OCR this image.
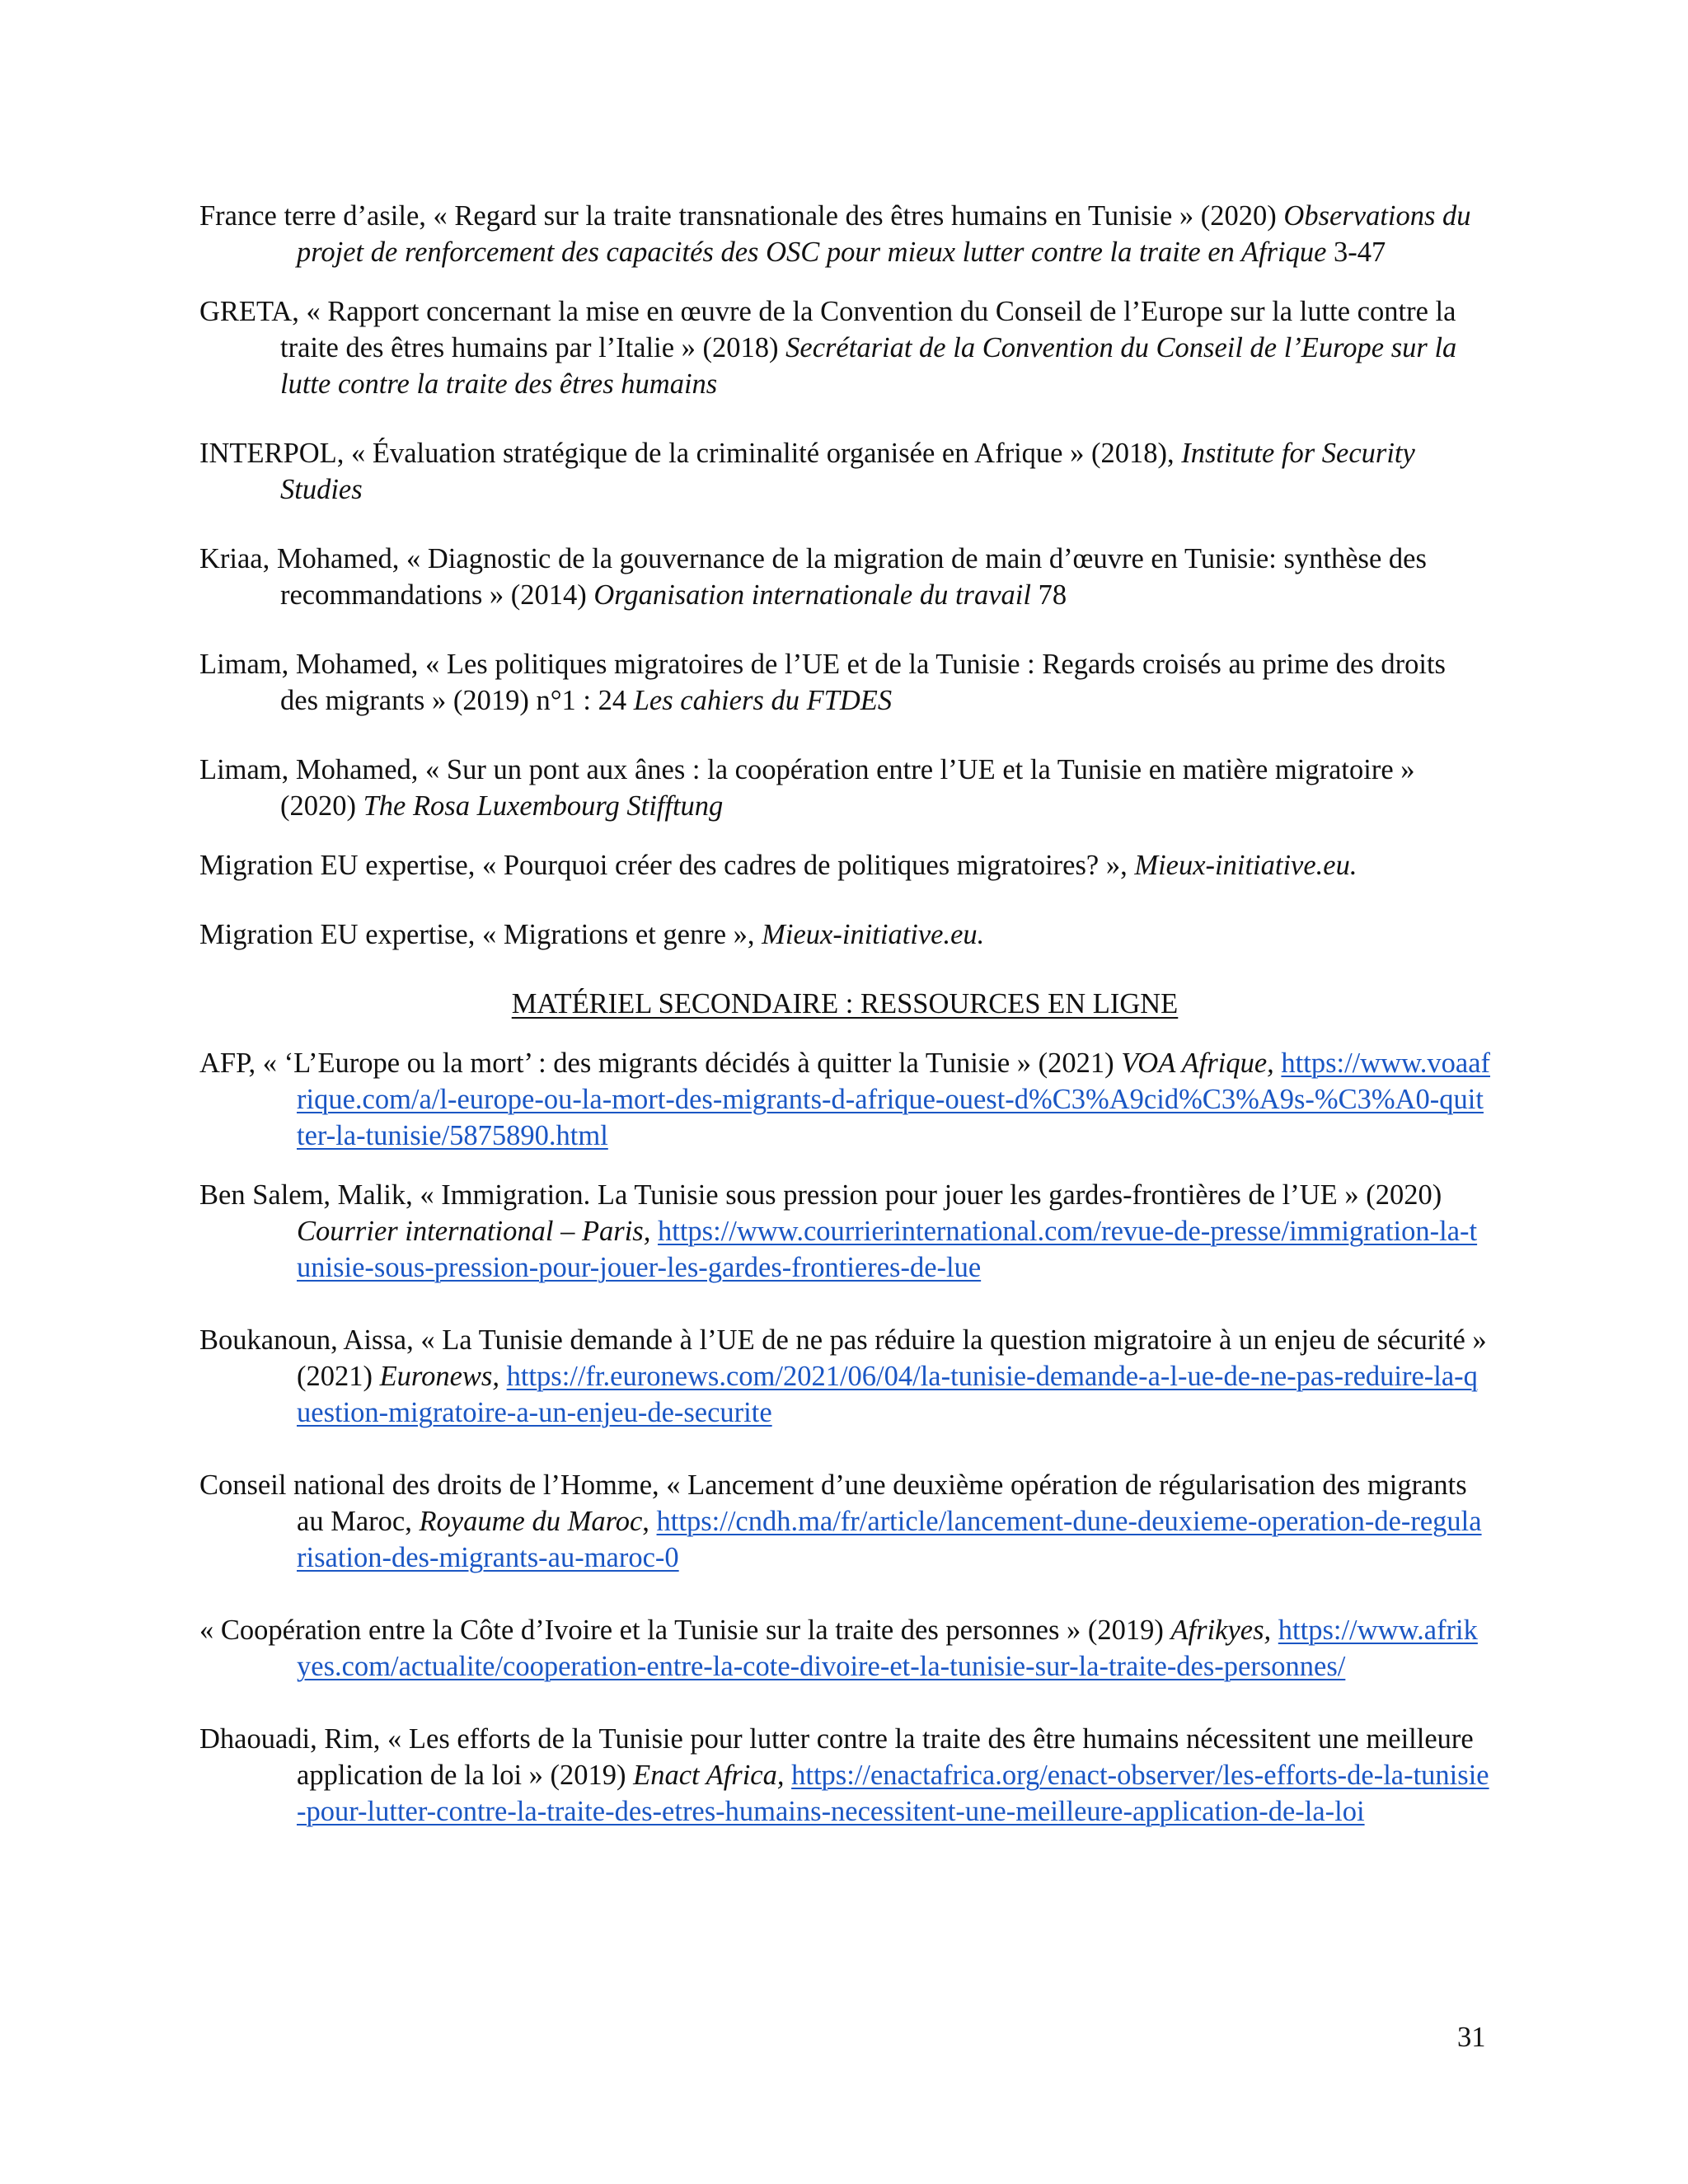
France terre d’asile, « Regard sur la traite transnationale des êtres humains en Tunisie » (2020) Observations du projet de renforcement des capacités des OSC pour mieux lutter contre la traite en Afrique 3-47

GRETA, « Rapport concernant la mise en œuvre de la Convention du Conseil de l’Europe sur la lutte contre la traite des êtres humains par l’Italie » (2018) Secrétariat de la Convention du Conseil de l’Europe sur la lutte contre la traite des êtres humains

INTERPOL, « Évaluation stratégique de la criminalité organisée en Afrique » (2018), Institute for Security Studies

Kriaa, Mohamed, « Diagnostic de la gouvernance de la migration de main d’œuvre en Tunisie: synthèse des recommandations » (2014) Organisation internationale du travail 78

Limam, Mohamed, « Les politiques migratoires de l’UE et de la Tunisie : Regards croisés au prime des droits des migrants » (2019) n°1 : 24 Les cahiers du FTDES

Limam, Mohamed, « Sur un pont aux ânes : la coopération entre l’UE et la Tunisie en matière migratoire » (2020) The Rosa Luxembourg Stifftung

Migration EU expertise, « Pourquoi créer des cadres de politiques migratoires? », Mieux-initiative.eu.

Migration EU expertise, « Migrations et genre », Mieux-initiative.eu.

MATÉRIEL SECONDAIRE : RESSOURCES EN LIGNE

AFP, « ‘L’Europe ou la mort’ : des migrants décidés à quitter la Tunisie » (2021) VOA Afrique, https://www.voaafrique.com/a/l-europe-ou-la-mort-des-migrants-d-afrique-ouest-d%C3%A9cid%C3%A9s-%C3%A0-quitter-la-tunisie/5875890.html

Ben Salem, Malik, « Immigration. La Tunisie sous pression pour jouer les gardes-frontières de l’UE » (2020) Courrier international – Paris, https://www.courrierinternational.com/revue-de-presse/immigration-la-tunisie-sous-pression-pour-jouer-les-gardes-frontieres-de-lue

Boukanoun, Aissa, « La Tunisie demande à l’UE de ne pas réduire la question migratoire à un enjeu de sécurité » (2021) Euronews, https://fr.euronews.com/2021/06/04/la-tunisie-demande-a-l-ue-de-ne-pas-reduire-la-question-migratoire-a-un-enjeu-de-securite

Conseil national des droits de l’Homme, « Lancement d’une deuxième opération de régularisation des migrants au Maroc, Royaume du Maroc, https://cndh.ma/fr/article/lancement-dune-deuxieme-operation-de-regularisation-des-migrants-au-maroc-0

« Coopération entre la Côte d’Ivoire et la Tunisie sur la traite des personnes » (2019) Afrikyes, https://www.afrikyes.com/actualite/cooperation-entre-la-cote-divoire-et-la-tunisie-sur-la-traite-des-personnes/

Dhaouadi, Rim, « Les efforts de la Tunisie pour lutter contre la traite des être humains nécessitent une meilleure application de la loi » (2019) Enact Africa, https://enactafrica.org/enact-observer/les-efforts-de-la-tunisie-pour-lutter-contre-la-traite-des-etres-humains-necessitent-une-meilleure-application-de-la-loi

31
